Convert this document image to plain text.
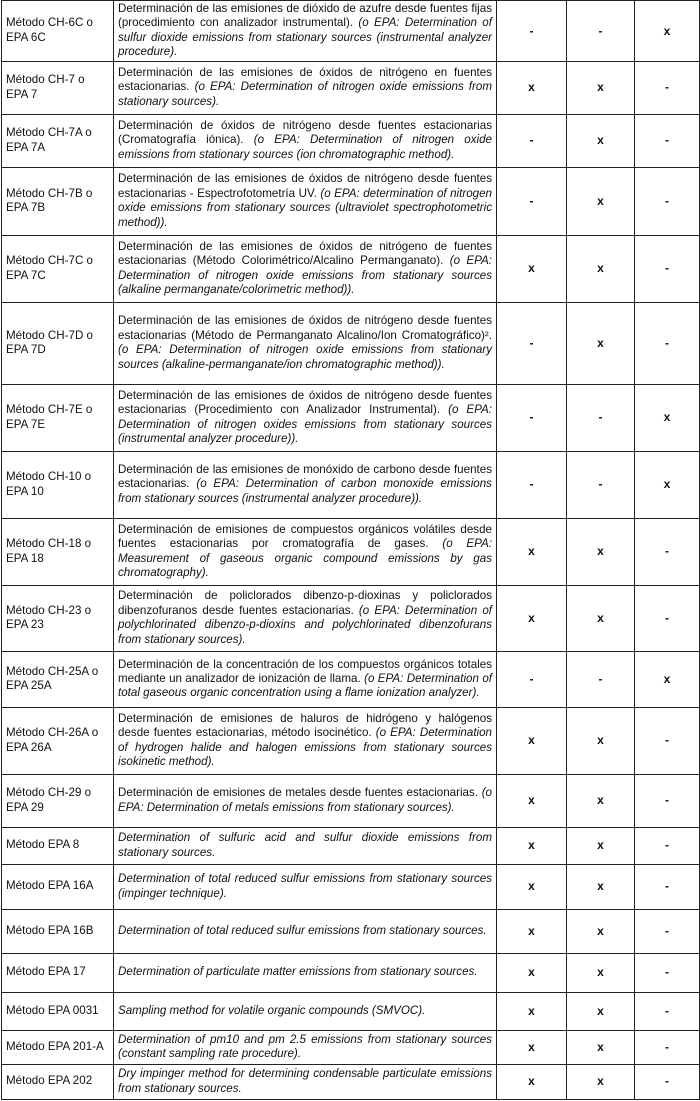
Método CH-6C o EPA 6C	Determinación de las emisiones de dióxido de azufre desde fuentes fijas (procedimiento con analizador instrumental). (o EPA: Determination of sulfur dioxide emissions from stationary sources (instrumental analyzer procedure).	-	-	x
Método CH-7 o EPA 7	Determinación de las emisiones de óxidos de nitrógeno en fuentes estacionarias. (o EPA: Determination of nitrogen oxide emissions from stationary sources).	x	x	-
Método CH-7A o EPA 7A	Determinación de óxidos de nitrógeno desde fuentes estacionarias (Cromatografía iónica). (o EPA: Determination of nitrogen oxide emissions from stationary sources (ion chromatographic method).	-	x	-
Método CH-7B o EPA 7B	Determinación de las emisiones de óxidos de nitrógeno desde fuentes estacionarias - Espectrofotometría UV. (o EPA: determination of nitrogen oxide emissions from stationary sources (ultraviolet spectrophotometric method)).	-	x	-
Método CH-7C o EPA 7C	Determinación de las emisiones de óxidos de nitrógeno de fuentes estacionarias (Método Colorimétrico/Alcalino Permanganato). (o EPA: Determination of nitrogen oxide emissions from stationary sources (alkaline permanganate/colorimetric method)).	x	x	-
Método CH-7D o EPA 7D	Determinación de las emisiones de óxidos de nitrógeno desde fuentes estacionarias (Método de Permanganato Alcalino/Ion Cromatográfico)². (o EPA: Determination of nitrogen oxide emissions from stationary sources (alkaline-permanganate/ion chromatographic method)).	-	x	-
Método CH-7E o EPA 7E	Determinación de las emisiones de óxidos de nitrógeno desde fuentes estacionarias (Procedimiento con Analizador Instrumental). (o EPA: Determination of nitrogen oxides emissions from stationary sources (instrumental analyzer procedure)).	-	-	x
Método CH-10 o EPA 10	Determinación de las emisiones de monóxido de carbono desde fuentes estacionarias. (o EPA: Determination of carbon monoxide emissions from stationary sources (instrumental analyzer procedure)).	-	-	x
Método CH-18 o EPA 18	Determinación de emisiones de compuestos orgánicos volátiles desde fuentes estacionarias por cromatografía de gases. (o EPA: Measurement of gaseous organic compound emissions by gas chromatography).	x	x	-
Método CH-23 o EPA 23	Determinación de policlorados dibenzo-p-dioxinas y policlorados dibenzofuranos desde fuentes estacionarias. (o EPA: Determination of polychlorinated dibenzo-p-dioxins and polychlorinated dibenzofurans from stationary sources).	x	x	-
Método CH-25A o EPA 25A	Determinación de la concentración de los compuestos orgánicos totales mediante un analizador de ionización de llama. (o EPA: Determination of total gaseous organic concentration using a flame ionization analyzer).	-	-	x
Método CH-26A o EPA 26A	Determinación de emisiones de haluros de hidrógeno y halógenos desde fuentes estacionarias, método isocinético. (o EPA: Determination of hydrogen halide and halogen emissions from stationary sources isokinetic method).	x	x	-
Método CH-29 o EPA 29	Determinación de emisiones de metales desde fuentes estacionarias. (o EPA: Determination of metals emissions from stationary sources).	x	x	-
Método EPA 8	Determination of sulfuric acid and sulfur dioxide emissions from stationary sources.	x	x	-
Método EPA 16A	Determination of total reduced sulfur emissions from stationary sources (impinger technique).	x	x	-
Método EPA 16B	Determination of total reduced sulfur emissions from stationary sources.	x	x	-
Método EPA 17	Determination of particulate matter emissions from stationary sources.	x	x	-
Método EPA 0031	Sampling method for volatile organic compounds (SMVOC).	x	x	-
Método EPA 201-A	Determination of pm10 and pm 2.5 emissions from stationary sources (constant sampling rate procedure).	x	x	-
Método EPA 202	Dry impinger method for determining condensable particulate emissions from stationary sources.	x	x	-
